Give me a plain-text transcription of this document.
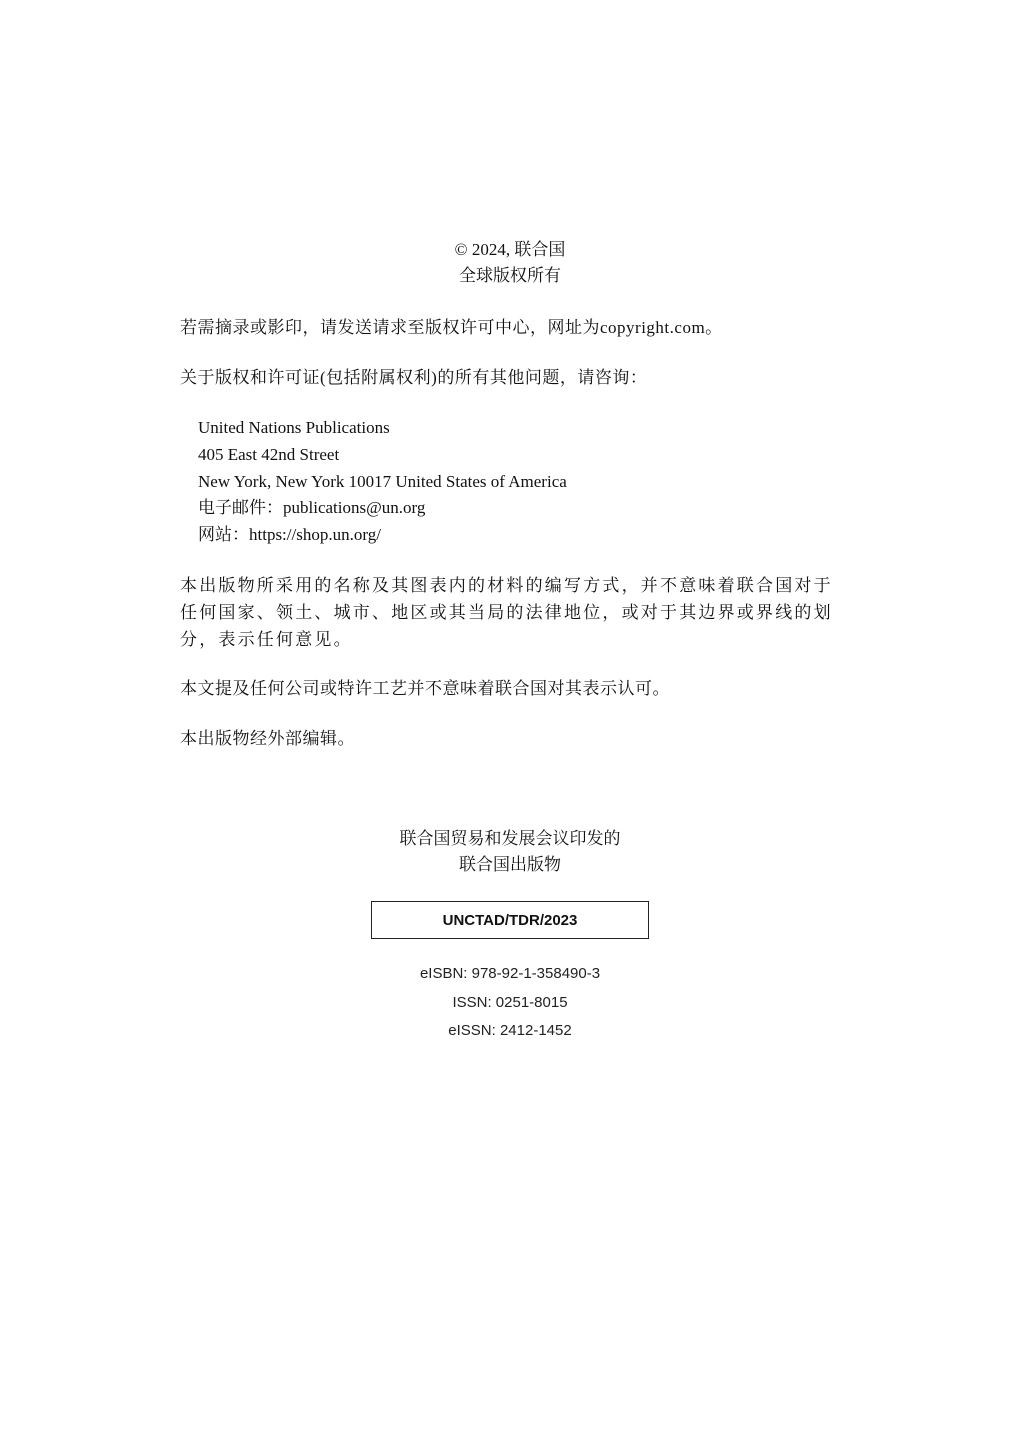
© 2024, 联合国
全球版权所有
若需摘录或影印，请发送请求至版权许可中心，网址为copyright.com。
关于版权和许可证(包括附属权利)的所有其他问题，请咨询：
United Nations Publications
405 East 42nd Street
New York, New York 10017 United States of America
电子邮件：publications@un.org
网站：https://shop.un.org/
本出版物所采用的名称及其图表内的材料的编写方式，并不意味着联合国对于任何国家、领土、城市、地区或其当局的法律地位，或对于其边界或界线的划分，表示任何意见。
本文提及任何公司或特许工艺并不意味着联合国对其表示认可。
本出版物经外部编辑。
联合国贸易和发展会议印发的
联合国出版物
UNCTAD/TDR/2023
eISBN: 978-92-1-358490-3
ISSN: 0251-8015
eISSN: 2412-1452
